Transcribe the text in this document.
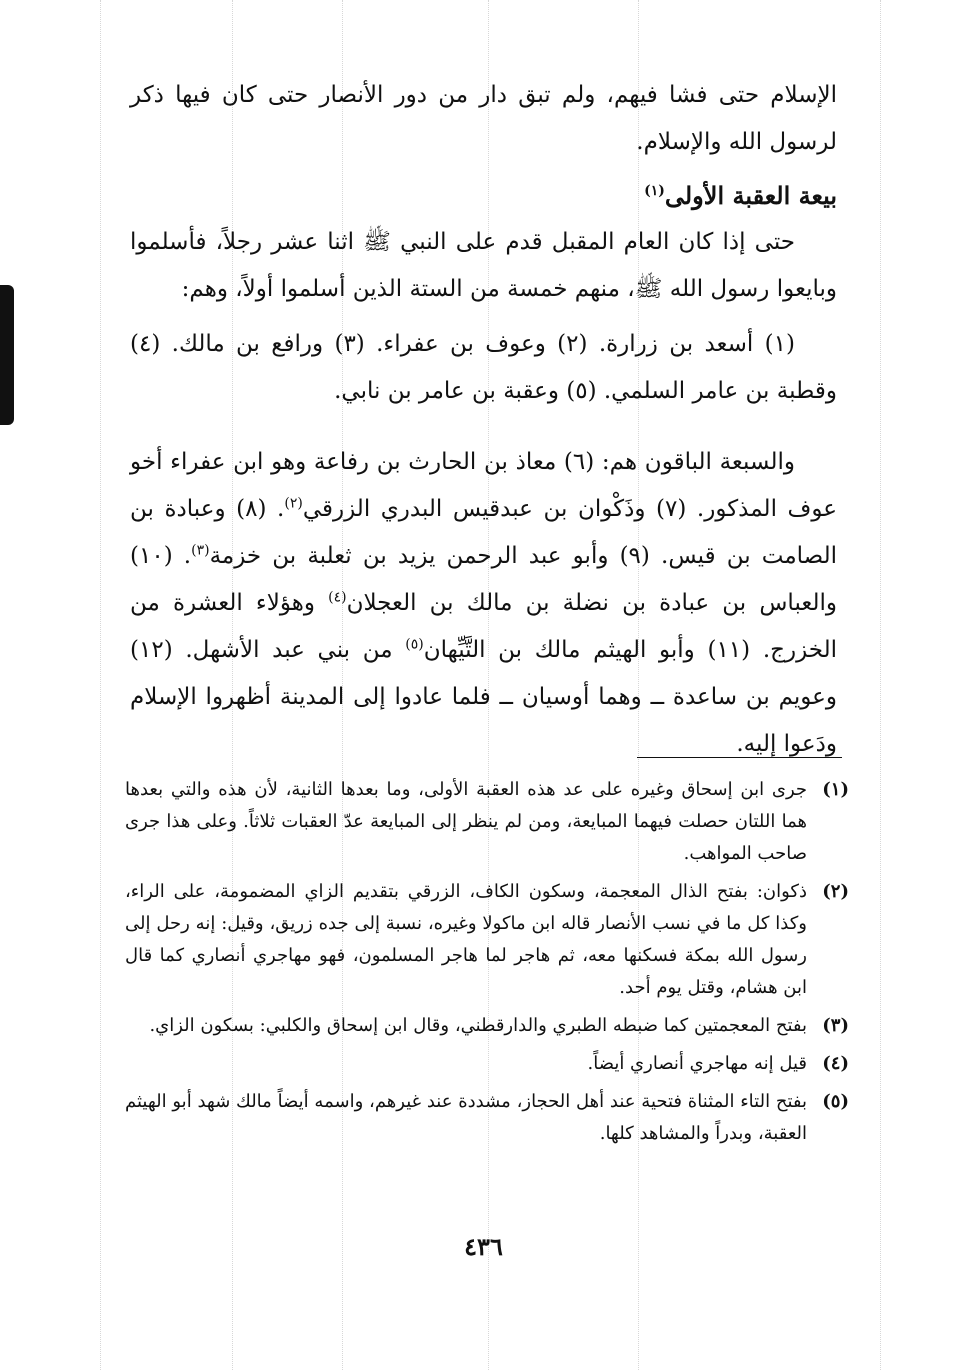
الإسلام حتى فشا فيهم، ولم تبق دار من دور الأنصار حتى كان فيها ذكر لرسول الله والإسلام.

بيعة العقبة الأولى$^{(١)}$

حتى إذا كان العام المقبل قدم على النبي ﷺ اثنا عشر رجلاً، فأسلموا وبايعوا رسول الله ﷺ، منهم خمسة من الستة الذين أسلموا أولاً، وهم:

(١) أسعد بن زرارة. (٢) وعوف بن عفراء. (٣) ورافع بن مالك. (٤) وقطبة بن عامر السلمي. (٥) وعقبة بن عامر بن نابي.

والسبعة الباقون هم: (٦) معاذ بن الحارث بن رفاعة وهو ابن عفراء أخو عوف المذكور. (٧) وذَكْوان بن عبدقيس البدري الزرقي$^{(٢)}$. (٨) وعبادة بن الصامت بن قيس. (٩) وأبو عبد الرحمن يزيد بن ثعلبة بن خزمة$^{(٣)}$. (١٠) والعباس بن عبادة بن نضلة بن مالك بن العجلان$^{(٤)}$ وهؤلاء العشرة من الخزرج. (١١) وأبو الهيثم مالك بن التَّيِّهان$^{(٥)}$ من بني عبد الأشهل. (١٢) وعويم بن ساعدة ــ وهما أوسيان ــ فلما عادوا إلى المدينة أظهروا الإسلام ودَعوا إليه.

(١)
جرى ابن إسحاق وغيره على عد هذه العقبة الأولى، وما بعدها الثانية، لأن هذه والتي بعدها هما اللتان حصلت فيهما المبايعة، ومن لم ينظر إلى المبايعة عدّ العقبات ثلاثاً. وعلى هذا جرى صاحب المواهب.
(٢)
ذكوان: بفتح الذال المعجمة، وسكون الكاف، الزرقي بتقديم الزاي المضمومة، على الراء، وكذا كل ما في نسب الأنصار قاله ابن ماكولا وغيره، نسبة إلى جده زريق، وقيل: إنه رحل إلى رسول الله بمكة فسكنها معه، ثم هاجر لما هاجر المسلمون، فهو مهاجري أنصاري كما قال ابن هشام، وقتل يوم أحد.
(٣)
بفتح المعجمتين كما ضبطه الطبري والدارقطني، وقال ابن إسحاق والكلبي: بسكون الزاي.
(٤)
قيل إنه مهاجري أنصاري أيضاً.
(٥)
بفتح التاء المثناة فتحية عند أهل الحجاز، مشددة عند غيرهم، واسمه أيضاً مالك شهد أبو الهيثم العقبة، وبدراً والمشاهد كلها.
٤٣٦
